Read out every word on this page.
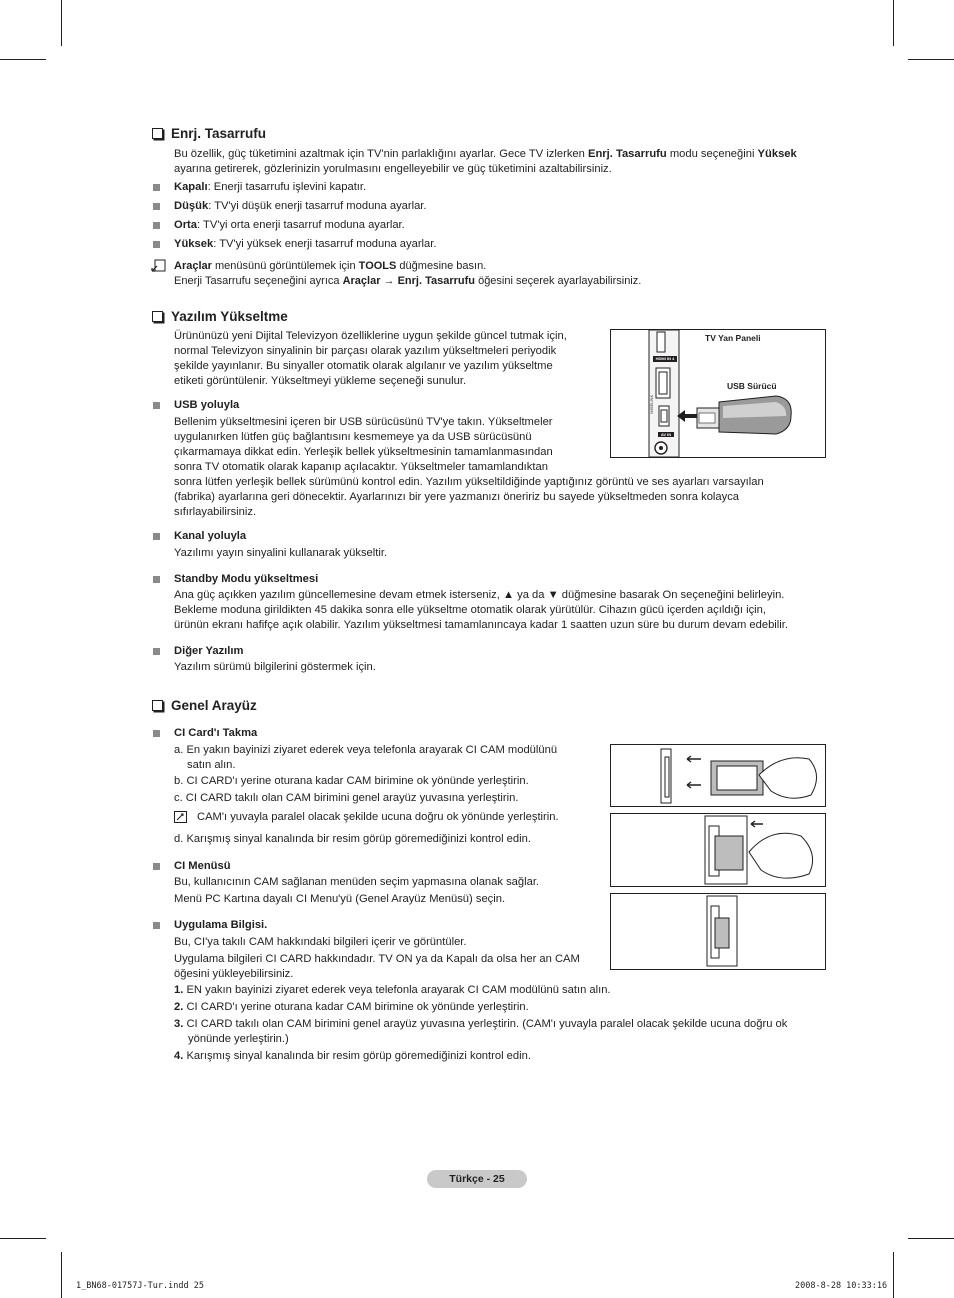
Enrj. Tasarrufu
Bu özellik, güç tüketimini azaltmak için TV'nin parlaklığını ayarlar. Gece TV izlerken Enrj. Tasarrufu modu seçeneğini Yüksek
ayarına getirerek, gözlerinizin yorulmasını engelleyebilir ve güç tüketimini azaltabilirsiniz.
Kapalı: Enerji tasarrufu işlevini kapatır.
Düşük: TV'yi düşük enerji tasarruf moduna ayarlar.
Orta: TV'yi orta enerji tasarruf moduna ayarlar.
Yüksek: TV'yi yüksek enerji tasarruf moduna ayarlar.
Araçlar menüsünü görüntülemek için TOOLS düğmesine basın.
Enerji Tasarrufu seçeneğini ayrıca Araçlar → Enrj. Tasarrufu öğesini seçerek ayarlayabilirsiniz.
Yazılım Yükseltme
Ürününüzü yeni Dijital Televizyon özelliklerine uygun şekilde güncel tutmak için,
normal Televizyon sinyalinin bir parçası olarak yazılım yükseltmeleri periyodik
şekilde yayınlanır. Bu sinyaller otomatik olarak algılanır ve yazılım yükseltme
etiketi görüntülenir. Yükseltmeyi yükleme seçeneği sunulur.
TV Yan Paneli
USB Sürücü
HDMI IN 4
WISELINK
AV IN
USB yoluyla
Bellenim yükseltmesini içeren bir USB sürücüsünü TV'ye takın. Yükseltmeler
uygulanırken lütfen güç bağlantısını kesmemeye ya da USB sürücüsünü
çıkarmamaya dikkat edin. Yerleşik bellek yükseltmesinin tamamlanmasından
sonra TV otomatik olarak kapanıp açılacaktır. Yükseltmeler tamamlandıktan
sonra lütfen yerleşik bellek sürümünü kontrol edin. Yazılım yükseltildiğinde yaptığınız görüntü ve ses ayarları varsayılan
(fabrika) ayarlarına geri dönecektir. Ayarlarınızı bir yere yazmanızı öneririz bu sayede yükseltmeden sonra kolayca
sıfırlayabilirsiniz.
Kanal yoluyla
Yazılımı yayın sinyalini kullanarak yükseltir.
Standby Modu yükseltmesi
Ana güç açıkken yazılım güncellemesine devam etmek isterseniz, ▲ ya da ▼ düğmesine basarak On seçeneğini belirleyin.
Bekleme moduna girildikten 45 dakika sonra elle yükseltme otomatik olarak yürütülür. Cihazın gücü içerden açıldığı için,
ürünün ekranı hafifçe açık olabilir. Yazılım yükseltmesi tamamlanıncaya kadar 1 saatten uzun süre bu durum devam edebilir.
Diğer Yazılım
Yazılım sürümü bilgilerini göstermek için.
Genel Arayüz
CI Card'ı Takma
a. En yakın bayinizi ziyaret ederek veya telefonla arayarak CI CAM modülünü
satın alın.
b. CI CARD'ı yerine oturana kadar CAM birimine ok yönünde yerleştirin.
c. CI CARD takılı olan CAM birimini genel arayüz yuvasına yerleştirin.
CAM'ı yuvayla paralel olacak şekilde ucuna doğru ok yönünde yerleştirin.
d. Karışmış sinyal kanalında bir resim görüp göremediğinizi kontrol edin.
CI Menüsü
Bu, kullanıcının CAM sağlanan menüden seçim yapmasına olanak sağlar.
Menü PC Kartına dayalı CI Menu'yü (Genel Arayüz Menüsü) seçin.
Uygulama Bilgisi.
Bu, CI'ya takılı CAM hakkındaki bilgileri içerir ve görüntüler.
Uygulama bilgileri CI CARD hakkındadır. TV ON ya da Kapalı da olsa her an CAM
öğesini yükleyebilirsiniz.
1. EN yakın bayinizi ziyaret ederek veya telefonla arayarak CI CAM modülünü satın alın.
2. CI CARD'ı yerine oturana kadar CAM birimine ok yönünde yerleştirin.
3. CI CARD takılı olan CAM birimini genel arayüz yuvasına yerleştirin. (CAM'ı yuvayla paralel olacak şekilde ucuna doğru ok
yönünde yerleştirin.)
4. Karışmış sinyal kanalında bir resim görüp göremediğinizi kontrol edin.
Türkçe - 25
1_BN68-01757J-Tur.indd 25	2008-8-28 10:33:16
